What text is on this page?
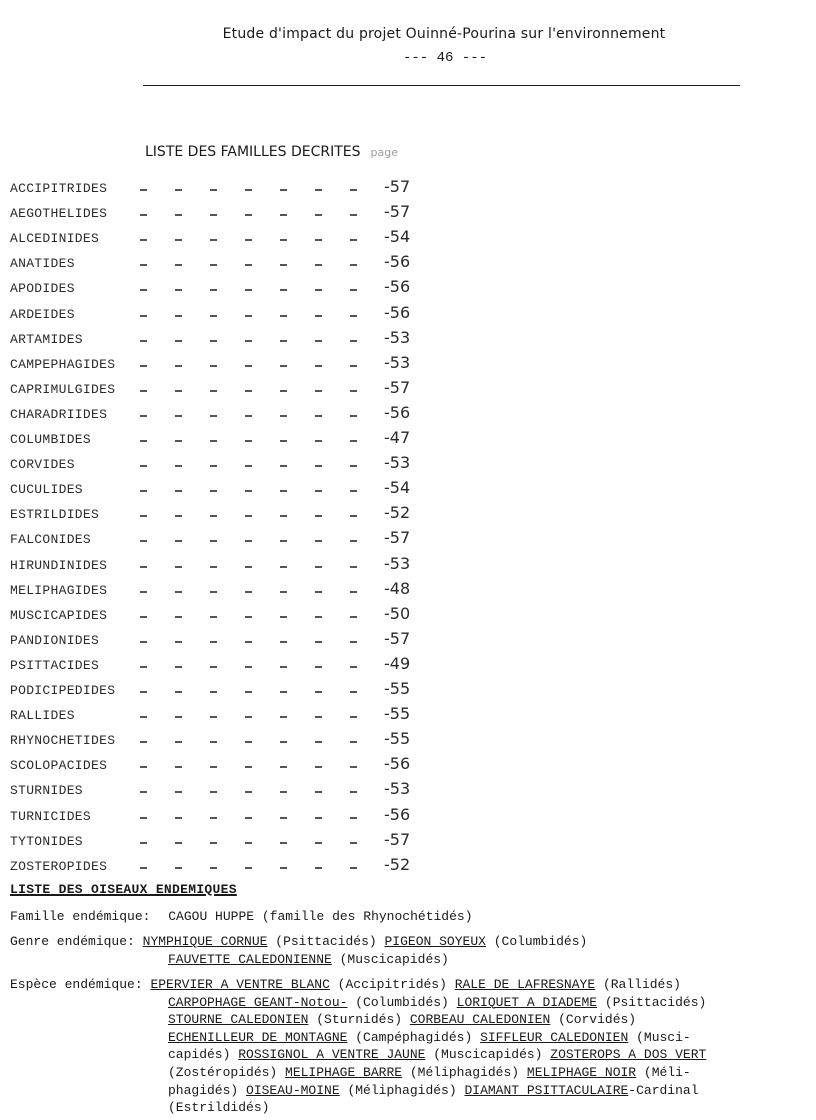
Etude d'impact du projet Ouinné-Pourina sur l'environnement
--- 46 ---
LISTE DES FAMILLES DECRITES page
ACCIPITRIDES	-57
AEGOTHELIDES	-57
ALCEDINIDES	-54
ANATIDES	-56
APODIDES	-56
ARDEIDES	-56
ARTAMIDES	-53
CAMPEPHAGIDES	-53
CAPRIMULGIDES	-57
CHARADRIIDES	-56
COLUMBIDES	-47
CORVIDES	-53
CUCULIDES	-54
ESTRILDIDES	-52
FALCONIDES	-57
HIRUNDINIDES	-53
MELIPHAGIDES	-48
MUSCICAPIDES	-50
PANDIONIDES	-57
PSITTACIDES	-49
PODICIPEDIDES	-55
RALLIDES	-55
RHYNOCHETIDES	-55
SCOLOPACIDES	-56
STURNIDES	-53
TURNICIDES	-56
TYTONIDES	-57
ZOSTEROPIDES	-52
LISTE DES OISEAUX ENDEMIQUES
Famille endémique: CAGOU HUPPE (famille des Rhynochétidés)
Genre endémique: NYMPHIQUE CORNUE (Psittacidés) PIGEON SOYEUX (Columbidés)
FAUVETTE CALEDONIENNE (Muscicapidés)
Espèce endémique: EPERVIER A VENTRE BLANC (Accipitridés) RALE DE LAFRESNAYE (Rallidés)
CARPOPHAGE GEANT-Notou- (Columbidés) LORIQUET A DIADEME (Psittacidés)
STOURNE CALEDONIEN (Sturnidés) CORBEAU CALEDONIEN (Corvidés)
ECHENILLEUR DE MONTAGNE (Campéphagidés) SIFFLEUR CALEDONIEN (Musci-
capidés) ROSSIGNOL A VENTRE JAUNE (Muscicapidés) ZOSTEROPS A DOS VERT
(Zostéropidés) MELIPHAGE BARRE (Méliphagidés) MELIPHAGE NOIR (Méli-
phagidés) OISEAU-MOINE (Méliphagidés) DIAMANT PSITTACULAIRE-Cardinal
(Estrildidés)
